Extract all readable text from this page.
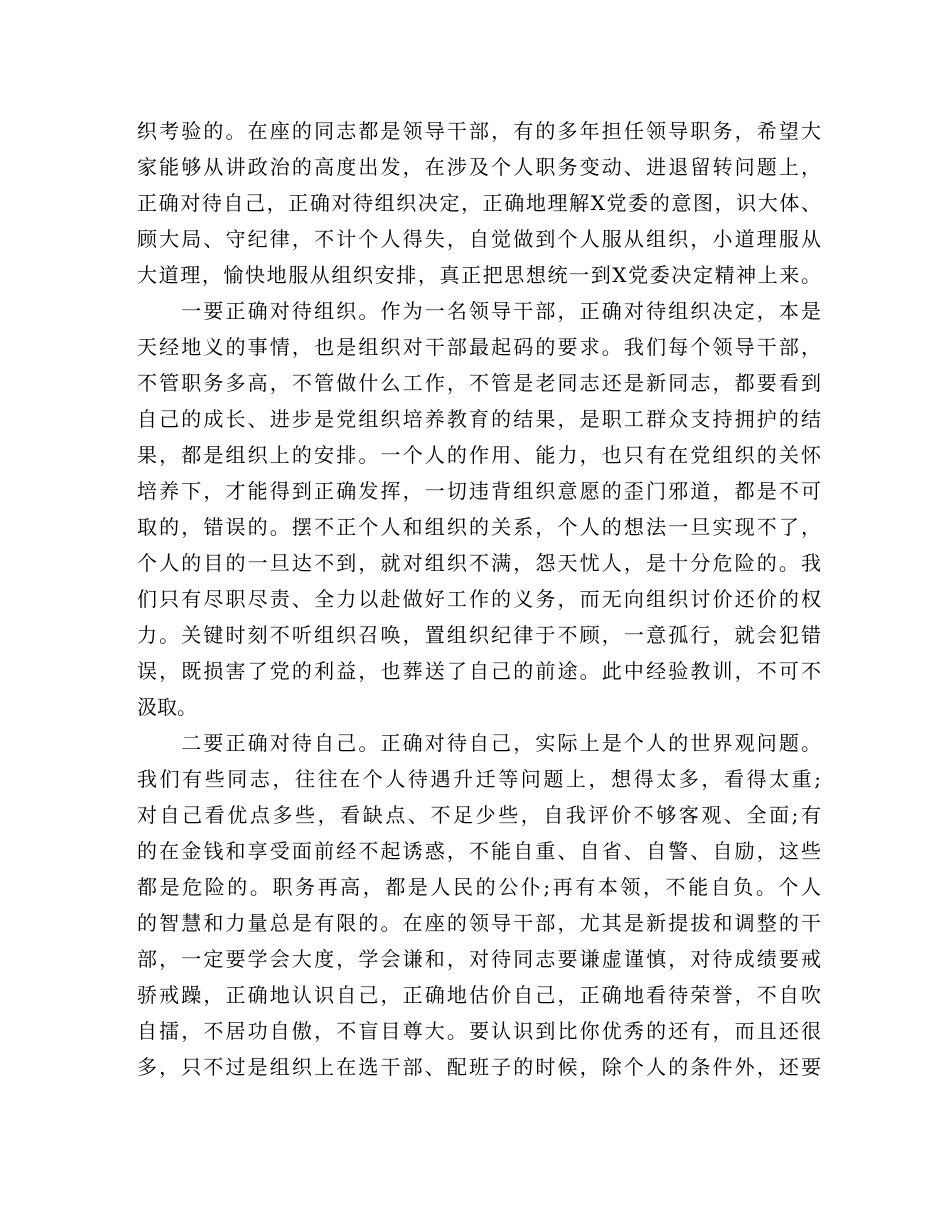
织考验的。在座的同志都是领导干部，有的多年担任领导职务，希望大
家能够从讲政治的高度出发，在涉及个人职务变动、进退留转问题上，
正确对待自己，正确对待组织决定，正确地理解X党委的意图，识大体、
顾大局、守纪律，不计个人得失，自觉做到个人服从组织，小道理服从
大道理，愉快地服从组织安排，真正把思想统一到X党委决定精神上来。
　　一要正确对待组织。作为一名领导干部，正确对待组织决定，本是
天经地义的事情，也是组织对干部最起码的要求。我们每个领导干部，
不管职务多高，不管做什么工作，不管是老同志还是新同志，都要看到
自己的成长、进步是党组织培养教育的结果，是职工群众支持拥护的结
果，都是组织上的安排。一个人的作用、能力，也只有在党组织的关怀
培养下，才能得到正确发挥，一切违背组织意愿的歪门邪道，都是不可
取的，错误的。摆不正个人和组织的关系，个人的想法一旦实现不了，
个人的目的一旦达不到，就对组织不满，怨天忧人，是十分危险的。我
们只有尽职尽责、全力以赴做好工作的义务，而无向组织讨价还价的权
力。关键时刻不听组织召唤，置组织纪律于不顾，一意孤行，就会犯错
误，既损害了党的利益，也葬送了自己的前途。此中经验教训，不可不
汲取。
　　二要正确对待自己。正确对待自己，实际上是个人的世界观问题。
我们有些同志，往往在个人待遇升迁等问题上，想得太多，看得太重;
对自己看优点多些，看缺点、不足少些，自我评价不够客观、全面;有
的在金钱和享受面前经不起诱惑，不能自重、自省、自警、自励，这些
都是危险的。职务再高，都是人民的公仆;再有本领，不能自负。个人
的智慧和力量总是有限的。在座的领导干部，尤其是新提拔和调整的干
部，一定要学会大度，学会谦和，对待同志要谦虚谨慎，对待成绩要戒
骄戒躁，正确地认识自己，正确地估价自己，正确地看待荣誉，不自吹
自擂，不居功自傲，不盲目尊大。要认识到比你优秀的还有，而且还很
多，只不过是组织上在选干部、配班子的时候，除个人的条件外，还要
